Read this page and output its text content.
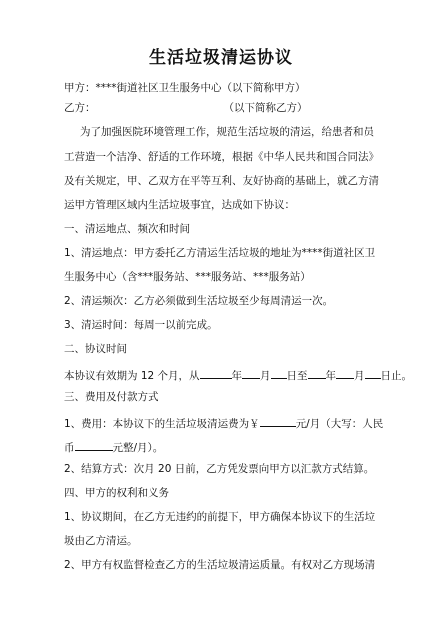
生活垃圾清运协议
甲方：****街道社区卫生服务中心（以下简称甲方）
乙方：	（以下简称乙方）
为了加强医院环境管理工作，规范生活垃圾的清运，给患者和员
工营造一个洁净、舒适的工作环境，根据《中华人民共和国合同法》
及有关规定，甲、乙双方在平等互利、友好协商的基础上，就乙方清
运甲方管理区域内生活垃圾事宜，达成如下协议：
一、清运地点、频次和时间
1、清运地点：甲方委托乙方清运生活垃圾的地址为****街道社区卫
生服务中心（含***服务站、***服务站、***服务站）
2、清运频次：乙方必须做到生活垃圾至少每周清运一次。
3、清运时间：每周一以前完成。
二、协议时间
本协议有效期为 12 个月，从	年 月 日至 年 月 日止。
三、费用及付款方式
1、费用：本协议下的生活垃圾清运费为￥	元/月（大写：人民
币	元整/月）。
2、结算方式：次月 20 日前，乙方凭发票向甲方以汇款方式结算。
四、甲方的权利和义务
1、协议期间，在乙方无违约的前提下，甲方确保本协议下的生活垃
圾由乙方清运。
2、甲方有权监督检查乙方的生活垃圾清运质量。有权对乙方现场清
